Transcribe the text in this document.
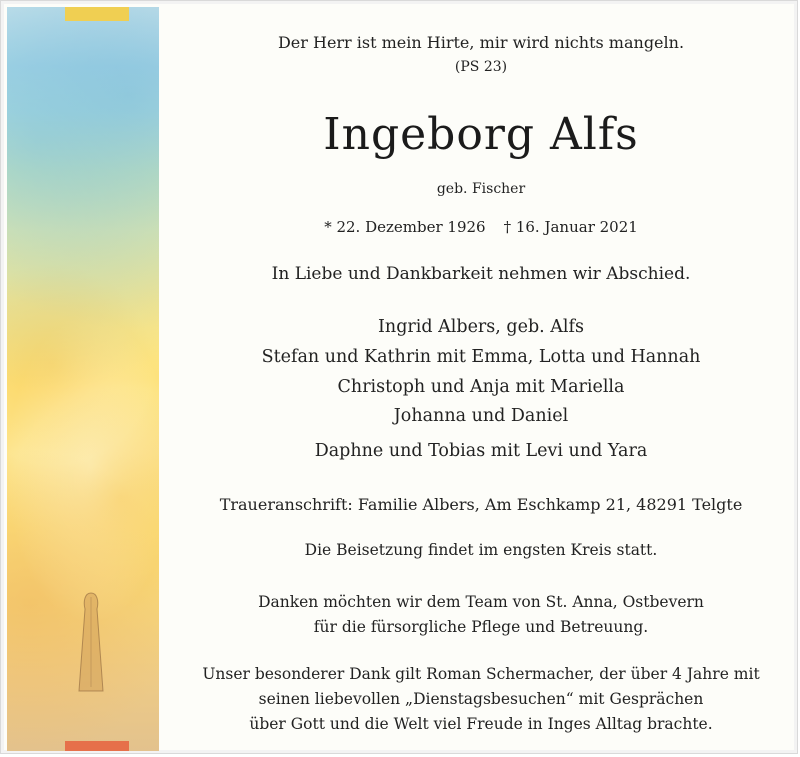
Der Herr ist mein Hirte, mir wird nichts mangeln.
(PS 23)
Ingeborg Alfs
geb. Fischer
* 22. Dezember 1926 † 16. Januar 2021
In Liebe und Dankbarkeit nehmen wir Abschied.
Ingrid Albers, geb. Alfs
Stefan und Kathrin mit Emma, Lotta und Hannah
Christoph und Anja mit Mariella
Johanna und Daniel
Daphne und Tobias mit Levi und Yara
Traueranschrift: Familie Albers, Am Eschkamp 21, 48291 Telgte
Die Beisetzung findet im engsten Kreis statt.
Danken möchten wir dem Team von St. Anna, Ostbevern
für die fürsorgliche Pflege und Betreuung.
Unser besonderer Dank gilt Roman Schermacher, der über 4 Jahre mit
seinen liebevollen „Dienstagsbesuchen“ mit Gesprächen
über Gott und die Welt viel Freude in Inges Alltag brachte.
